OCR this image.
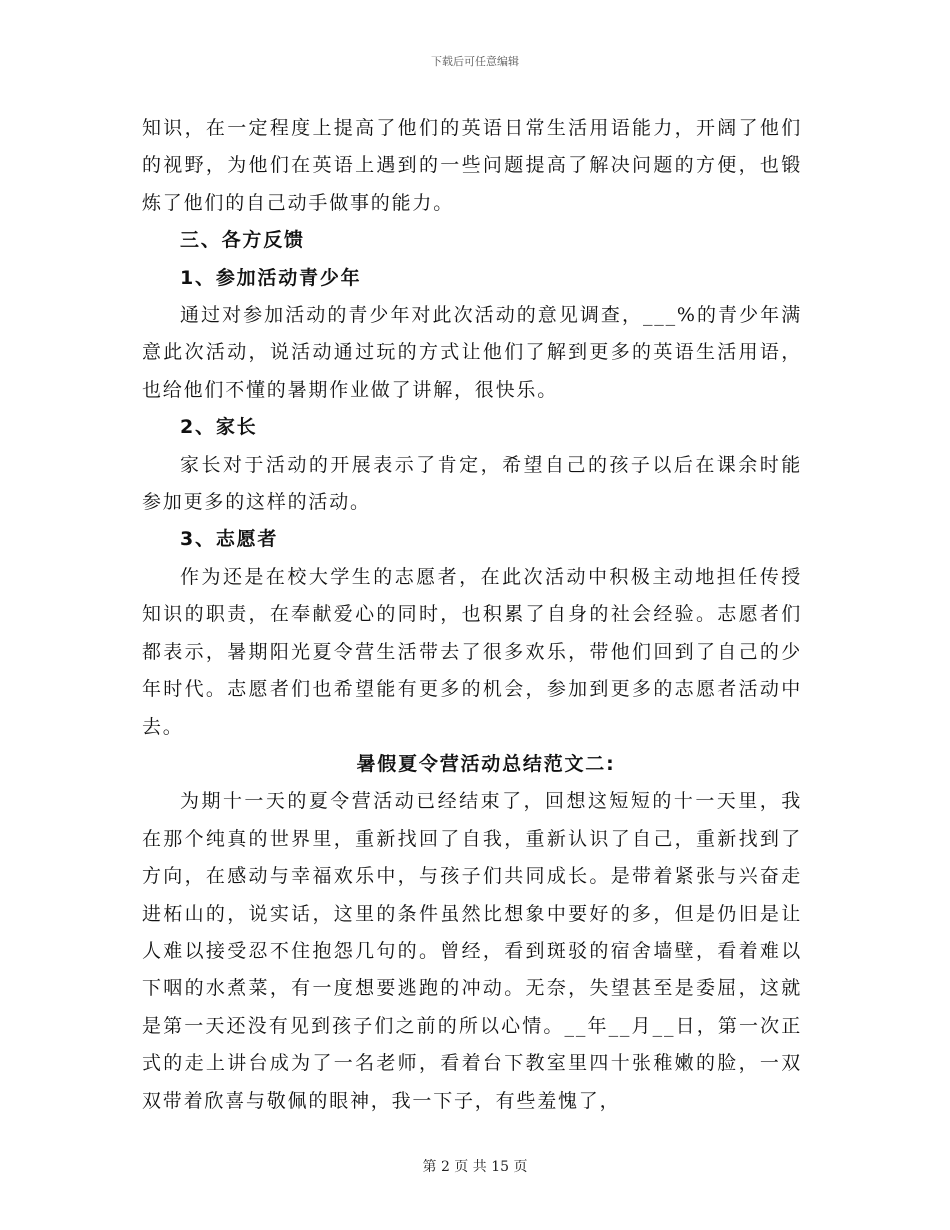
下载后可任意编辑

知识，在一定程度上提高了他们的英语日常生活用语能力，开阔了他们的视野，为他们在英语上遇到的一些问题提高了解决问题的方便，也锻炼了他们的自己动手做事的能力。

三、各方反馈

1、参加活动青少年

通过对参加活动的青少年对此次活动的意见调查，___%的青少年满意此次活动，说活动通过玩的方式让他们了解到更多的英语生活用语，也给他们不懂的暑期作业做了讲解，很快乐。

2、家长

家长对于活动的开展表示了肯定，希望自己的孩子以后在课余时能参加更多的这样的活动。

3、志愿者

作为还是在校大学生的志愿者，在此次活动中积极主动地担任传授知识的职责，在奉献爱心的同时，也积累了自身的社会经验。志愿者们都表示，暑期阳光夏令营生活带去了很多欢乐，带他们回到了自己的少年时代。志愿者们也希望能有更多的机会，参加到更多的志愿者活动中去。

暑假夏令营活动总结范文二:

为期十一天的夏令营活动已经结束了，回想这短短的十一天里，我在那个纯真的世界里，重新找回了自我，重新认识了自己，重新找到了方向，在感动与幸福欢乐中，与孩子们共同成长。是带着紧张与兴奋走进柘山的，说实话，这里的条件虽然比想象中要好的多，但是仍旧是让人难以接受忍不住抱怨几句的。曾经，看到斑驳的宿舍墙壁，看着难以下咽的水煮菜，有一度想要逃跑的冲动。无奈，失望甚至是委屈，这就是第一天还没有见到孩子们之前的所以心情。__年__月__日，第一次正式的走上讲台成为了一名老师，看着台下教室里四十张稚嫩的脸，一双双带着欣喜与敬佩的眼神，我一下子，有些羞愧了，

第 2 页 共 15 页
